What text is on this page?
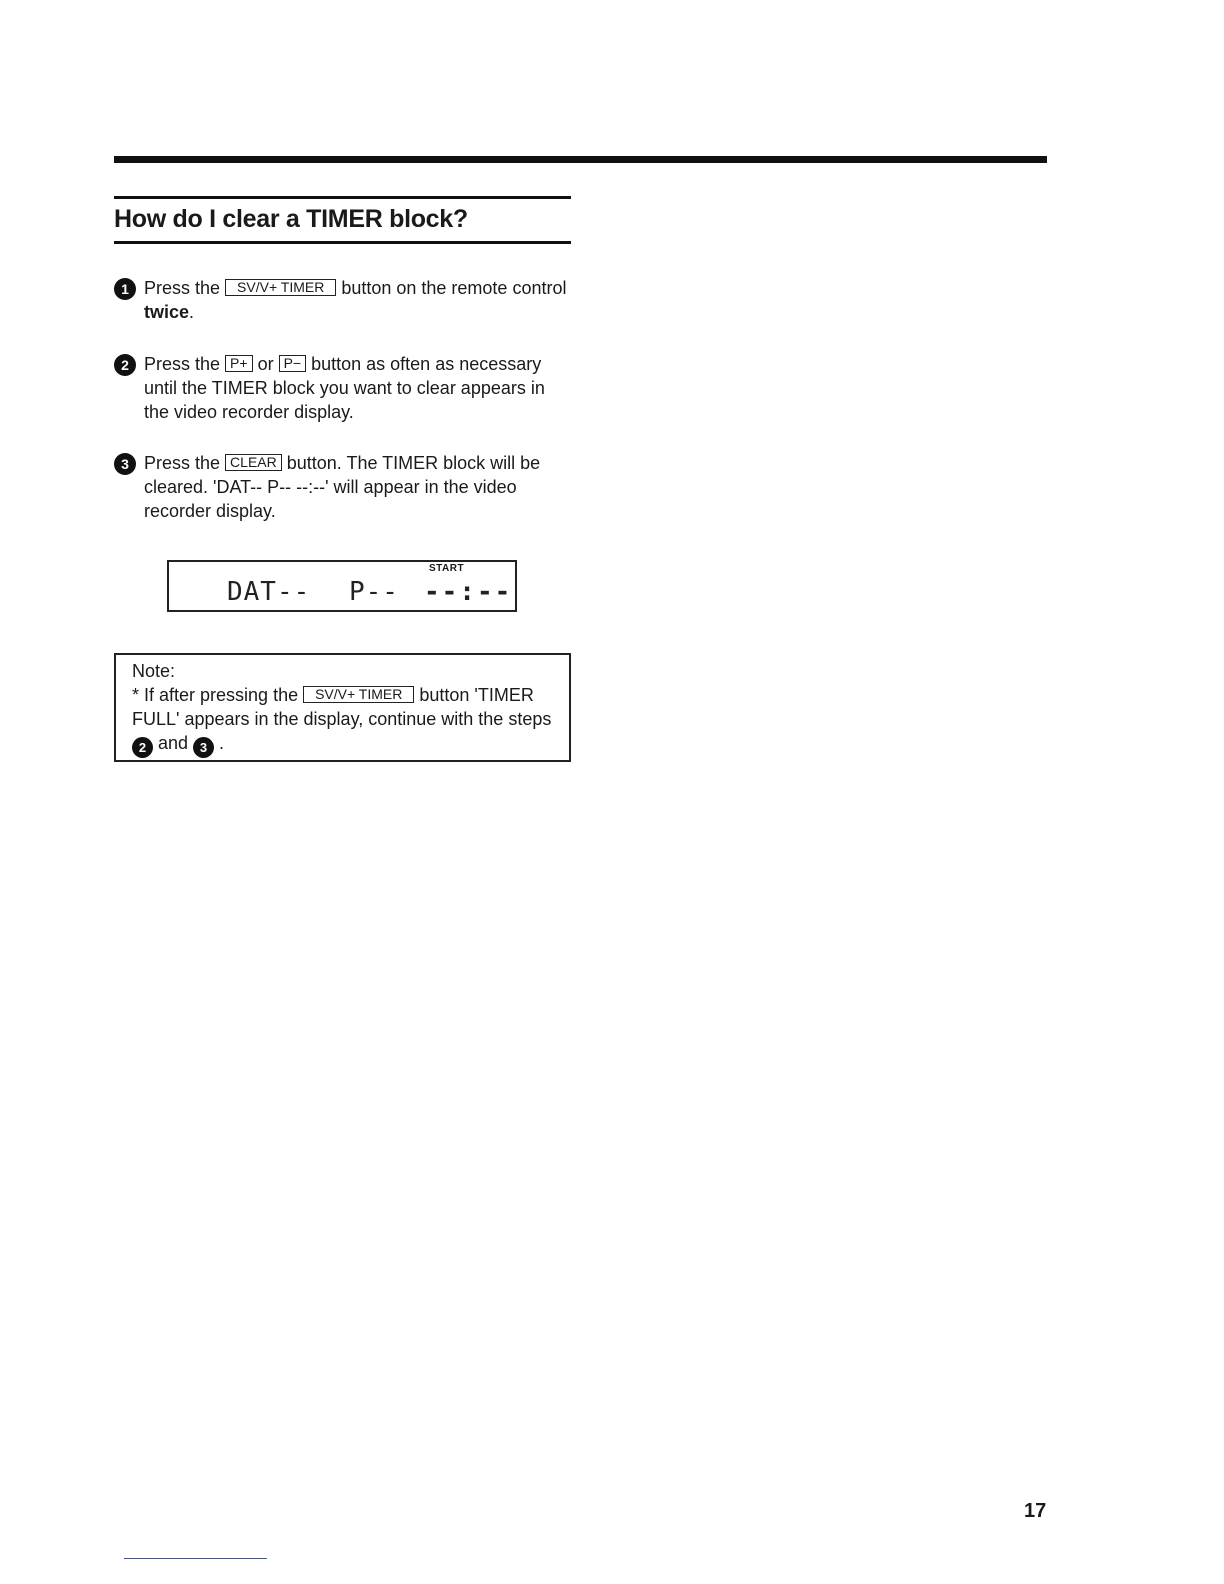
How do I clear a TIMER block?
1 Press the SV/V+ TIMER button on the remote control twice.
2 Press the P+ or P− button as often as necessary until the TIMER block you want to clear appears in the video recorder display.
3 Press the CLEAR button. The TIMER block will be cleared. 'DAT-- P-- --:--' will appear in the video recorder display.
START
DAT-- P-- --:--
Note:
* If after pressing the SV/V+ TIMER button 'TIMER FULL' appears in the display, continue with the steps 2 and 3 .
17
